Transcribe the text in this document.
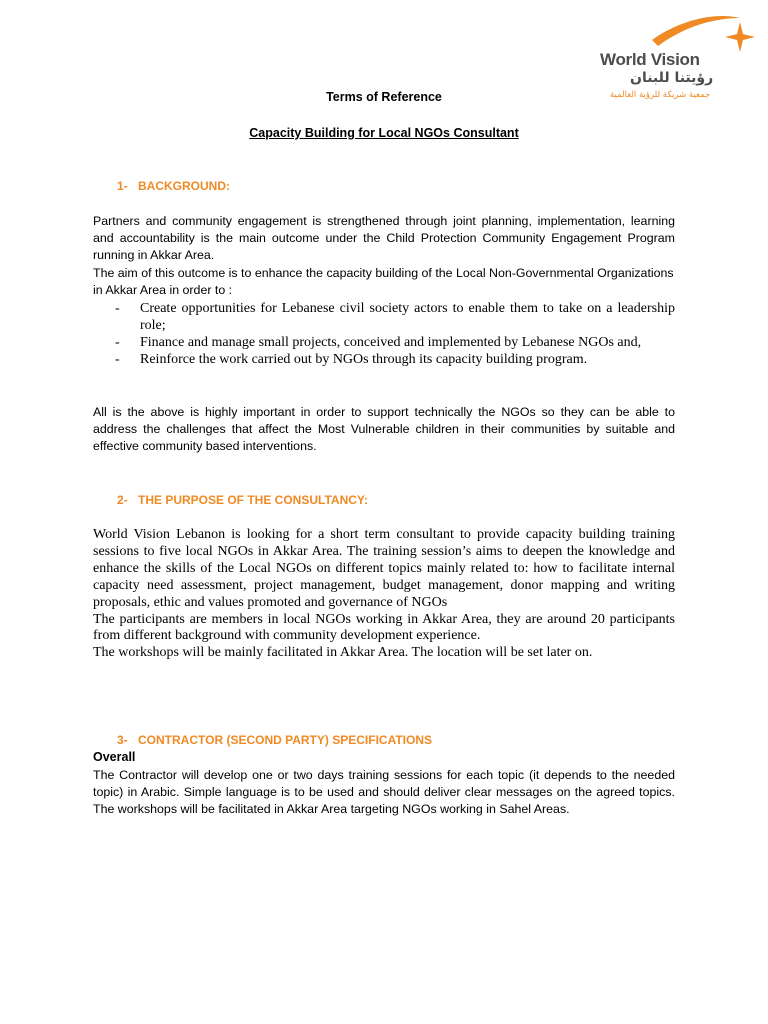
World Vision
رؤيتنا للبنان
جمعية شريكة للرؤية العالمية
Terms of Reference
Capacity Building for Local NGOs Consultant
1- BACKGROUND:

Partners and community engagement is strengthened through joint planning, implementation, learning and accountability is the main outcome under the Child Protection Community Engagement Program running in Akkar Area.

The aim of this outcome is to enhance the capacity building of the Local Non-Governmental Organizations in Akkar Area in order to :

- Create opportunities for Lebanese civil society actors to enable them to take on a leadership role;
- Finance and manage small projects, conceived and implemented by Lebanese NGOs and,
- Reinforce the work carried out by NGOs through its capacity building program.

All is the above is highly important in order to support technically the NGOs so they can be able to address the challenges that affect the Most Vulnerable children in their communities by suitable and effective community based interventions.

2- THE PURPOSE OF THE CONSULTANCY:

World Vision Lebanon is looking for a short term consultant to provide capacity building training sessions to five local NGOs in Akkar Area. The training session’s aims to deepen the knowledge and enhance the skills of the Local NGOs on different topics mainly related to: how to facilitate internal capacity need assessment, project management, budget management, donor mapping and writing proposals, ethic and values promoted and governance of NGOs

The participants are members in local NGOs working in Akkar Area, they are around 20 participants from different background with community development experience.

The workshops will be mainly facilitated in Akkar Area. The location will be set later on.

3- CONTRACTOR (SECOND PARTY) SPECIFICATIONS
Overall

The Contractor will develop one or two days training sessions for each topic (it depends to the needed topic) in Arabic. Simple language is to be used and should deliver clear messages on the agreed topics. The workshops will be facilitated in Akkar Area targeting NGOs working in Sahel Areas.
